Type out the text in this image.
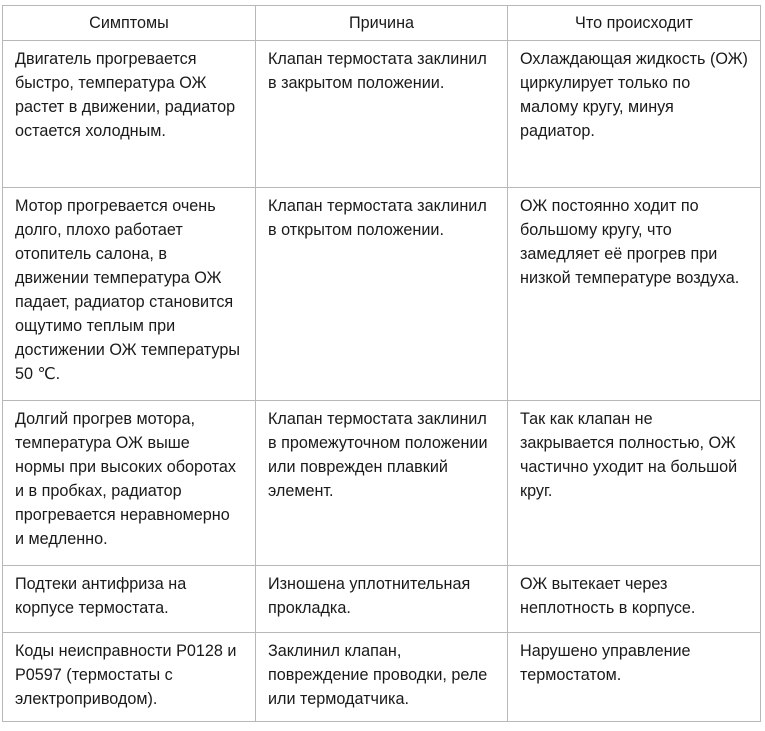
Симптомы	Причина	Что происходит
Двигатель прогревается быстро, температура ОЖ растет в движении, радиатор остается холодным.	Клапан термостата заклинил в закрытом положении.	Охлаждающая жидкость (ОЖ) циркулирует только по малому кругу, минуя радиатор.
Мотор прогревается очень долго, плохо работает отопитель салона, в движении температура ОЖ падает, радиатор становится ощутимо теплым при достижении ОЖ температуры 50 ℃.	Клапан термостата заклинил в открытом положении.	ОЖ постоянно ходит по большому кругу, что замедляет её прогрев при низкой температуре воздуха.
Долгий прогрев мотора, температура ОЖ выше нормы при высоких оборотах и в пробках, радиатор прогревается неравномерно и медленно.	Клапан термостата заклинил в промежуточном положении или поврежден плавкий элемент.	Так как клапан не закрывается полностью, ОЖ частично уходит на большой круг.
Подтеки антифриза на корпусе термостата.	Изношена уплотнительная прокладка.	ОЖ вытекает через неплотность в корпусе.
Коды неисправности P0128 и P0597 (термостаты с электроприводом).	Заклинил клапан, повреждение проводки, реле или термодатчика.	Нарушено управление термостатом.
